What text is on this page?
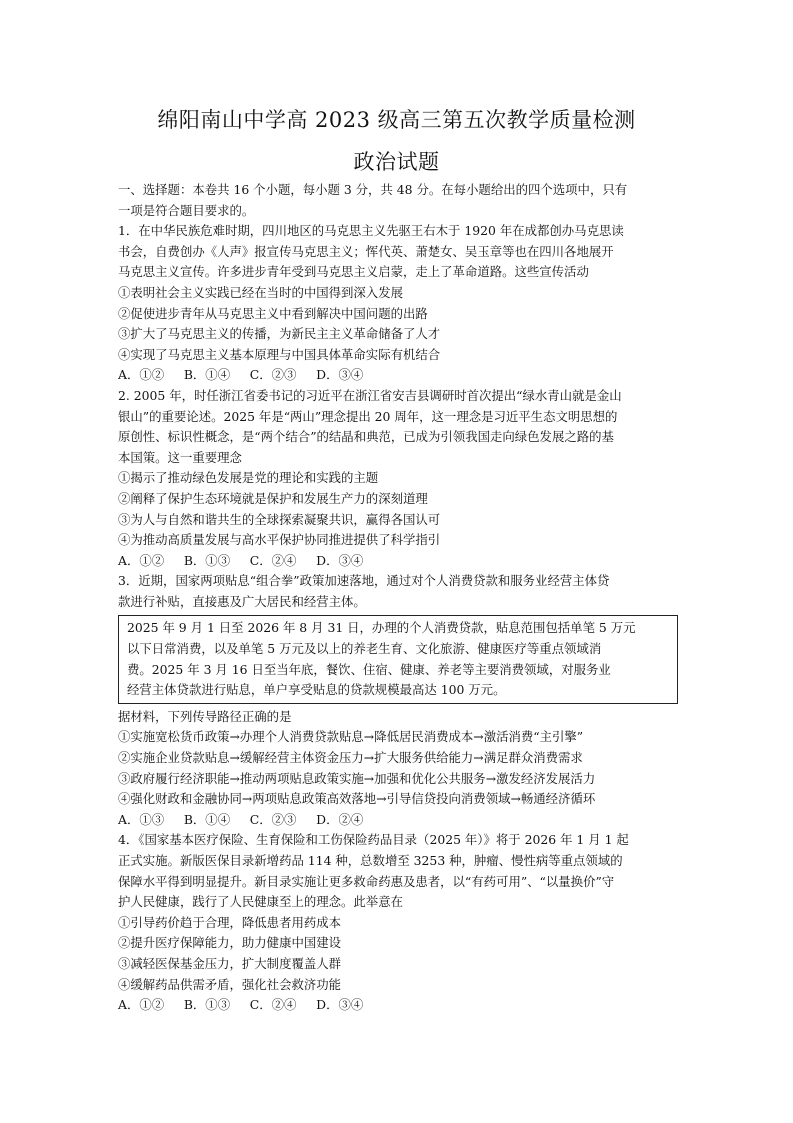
绵阳南山中学高 2023 级高三第五次教学质量检测
政治试题
一、选择题：本卷共 16 个小题，每小题 3 分，共 48 分。在每小题给出的四个选项中，只有
一项是符合题目要求的。
1．在中华民族危难时期，四川地区的马克思主义先驱王右木于 1920 年在成都创办马克思读
书会，自费创办《人声》报宣传马克思主义；恽代英、萧楚女、吴玉章等也在四川各地展开
马克思主义宣传。许多进步青年受到马克思主义启蒙，走上了革命道路。这些宣传活动
①表明社会主义实践已经在当时的中国得到深入发展
②促使进步青年从马克思主义中看到解决中国问题的出路
③扩大了马克思主义的传播，为新民主主义革命储备了人才
④实现了马克思主义基本原理与中国具体革命实际有机结合
A．①②     B．①④     C．②③     D．③④
2. 2005 年，时任浙江省委书记的习近平在浙江省安吉县调研时首次提出“绿水青山就是金山
银山”的重要论述。2025 年是“两山”理念提出 20 周年，这一理念是习近平生态文明思想的
原创性、标识性概念，是“两个结合”的结晶和典范，已成为引领我国走向绿色发展之路的基
本国策。这一重要理念
①揭示了推动绿色发展是党的理论和实践的主题
②阐释了保护生态环境就是保护和发展生产力的深刻道理
③为人与自然和谐共生的全球探索凝聚共识，赢得各国认可
④为推动高质量发展与高水平保护协同推进提供了科学指引
A．①②     B．①③     C．②④     D．③④
3．近期，国家两项贴息“组合拳”政策加速落地，通过对个人消费贷款和服务业经营主体贷
款进行补贴，直接惠及广大居民和经营主体。
2025 年 9 月 1 日至 2026 年 8 月 31 日，办理的个人消费贷款，贴息范围包括单笔 5 万元
以下日常消费，以及单笔 5 万元及以上的养老生育、文化旅游、健康医疗等重点领域消
费。2025 年 3 月 16 日至当年底，餐饮、住宿、健康、养老等主要消费领域，对服务业
经营主体贷款进行贴息，单户享受贴息的贷款规模最高达 100 万元。
据材料，下列传导路径正确的是
①实施宽松货币政策→办理个人消费贷款贴息→降低居民消费成本→激活消费“主引擎”
②实施企业贷款贴息→缓解经营主体资金压力→扩大服务供给能力→满足群众消费需求
③政府履行经济职能→推动两项贴息政策实施→加强和优化公共服务→激发经济发展活力
④强化财政和金融协同→两项贴息政策高效落地→引导信贷投向消费领域→畅通经济循环
A．①③     B．①④     C．②③     D．②④
4．《国家基本医疗保险、生育保险和工伤保险药品目录（2025 年）》将于 2026 年 1 月 1 起
正式实施。新版医保目录新增药品 114 种，总数增至 3253 种，肿瘤、慢性病等重点领域的
保障水平得到明显提升。新目录实施让更多救命药惠及患者，以“有药可用”、“以量换价”守
护人民健康，践行了人民健康至上的理念。此举意在
①引导药价趋于合理，降低患者用药成本
②提升医疗保障能力，助力健康中国建设
③减轻医保基金压力，扩大制度覆盖人群
④缓解药品供需矛盾，强化社会救济功能
A．①②     B．①③     C．②④     D．③④
